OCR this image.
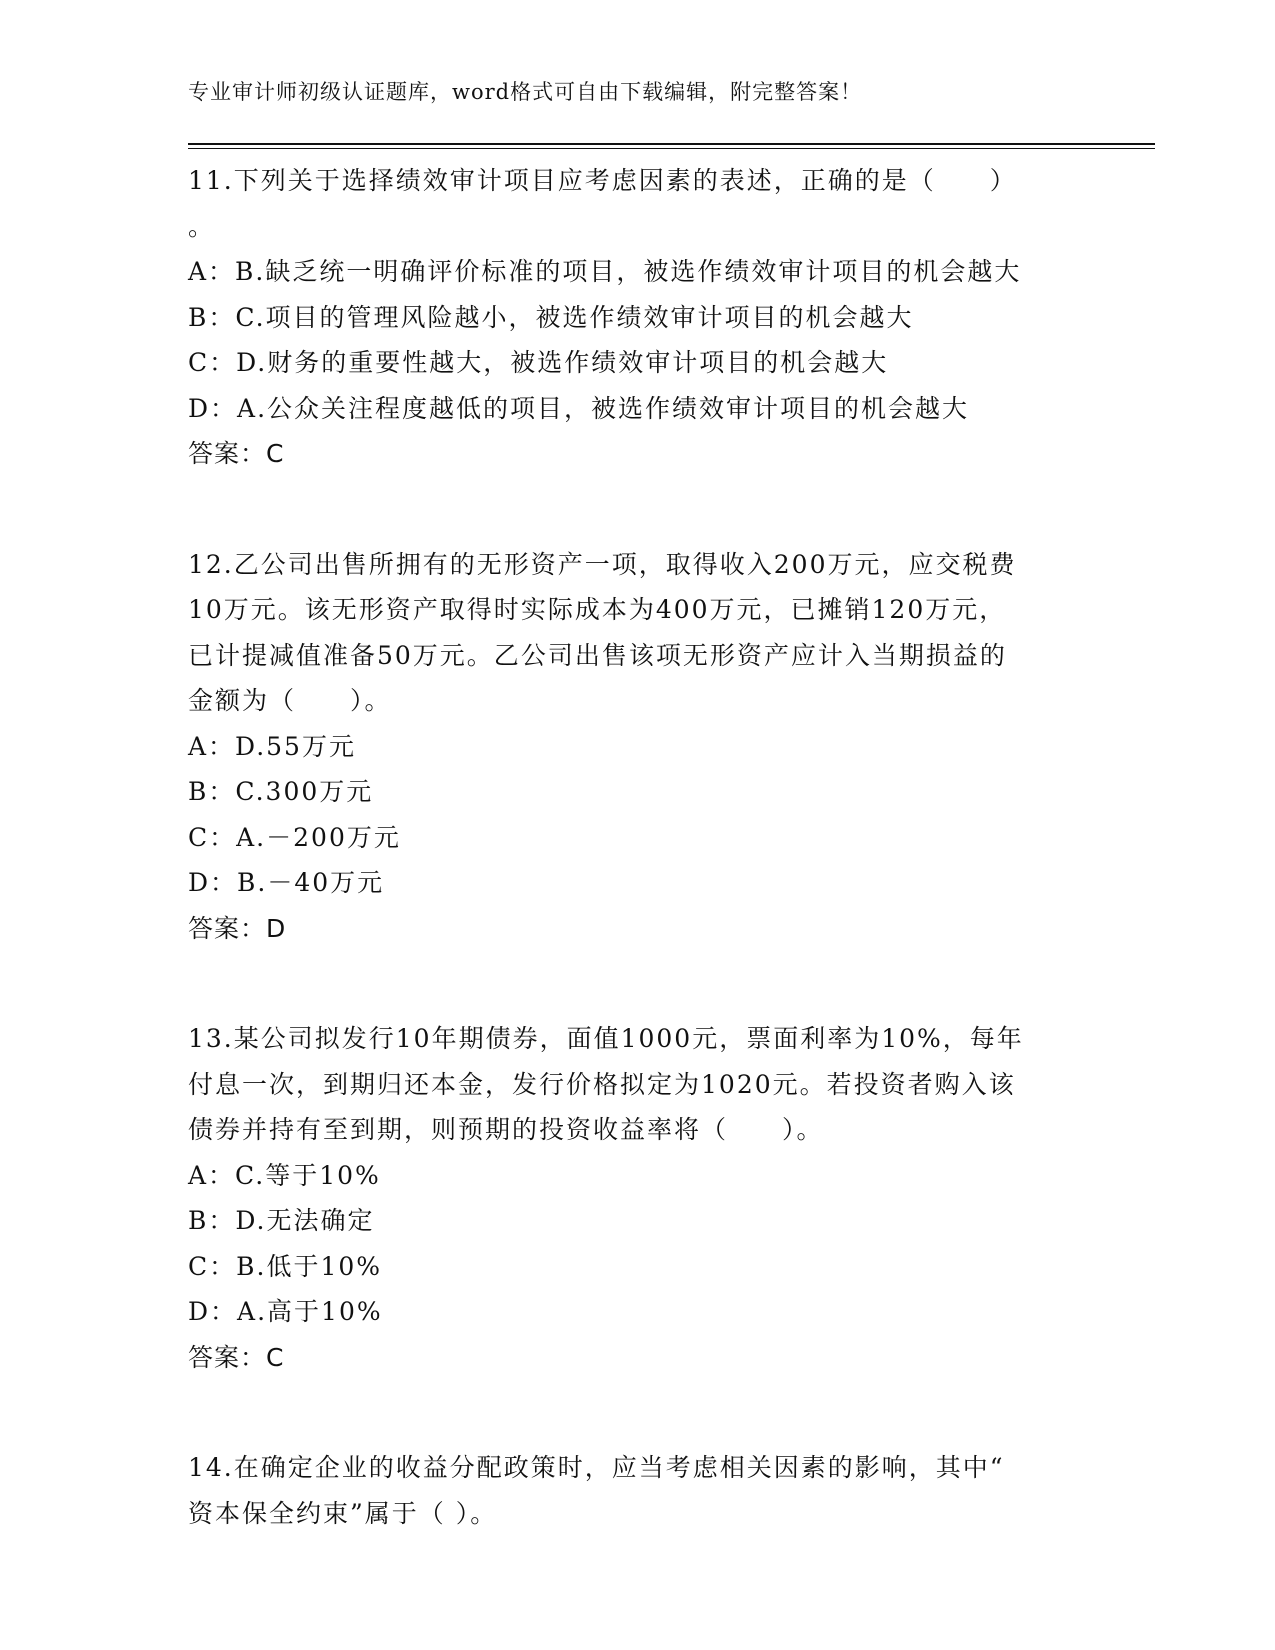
专业审计师初级认证题库，word格式可自由下载编辑，附完整答案！
11.下列关于选择绩效审计项目应考虑因素的表述，正确的是（　　）
。
A：B.缺乏统一明确评价标准的项目，被选作绩效审计项目的机会越大
B：C.项目的管理风险越小，被选作绩效审计项目的机会越大
C：D.财务的重要性越大，被选作绩效审计项目的机会越大
D：A.公众关注程度越低的项目，被选作绩效审计项目的机会越大
答案：C
12.乙公司出售所拥有的无形资产一项，取得收入200万元，应交税费
10万元。该无形资产取得时实际成本为400万元，已摊销120万元，
已计提减值准备50万元。乙公司出售该项无形资产应计入当期损益的
金额为（　　）。
A：D.55万元
B：C.300万元
C：A.－200万元
D：B.－40万元
答案：D
13.某公司拟发行10年期债券，面值1000元，票面利率为10%，每年
付息一次，到期归还本金，发行价格拟定为1020元。若投资者购入该
债券并持有至到期，则预期的投资收益率将（　　）。
A：C.等于10%
B：D.无法确定
C：B.低于10%
D：A.高于10%
答案：C
14.在确定企业的收益分配政策时，应当考虑相关因素的影响，其中“
资本保全约束”属于（ ）。
